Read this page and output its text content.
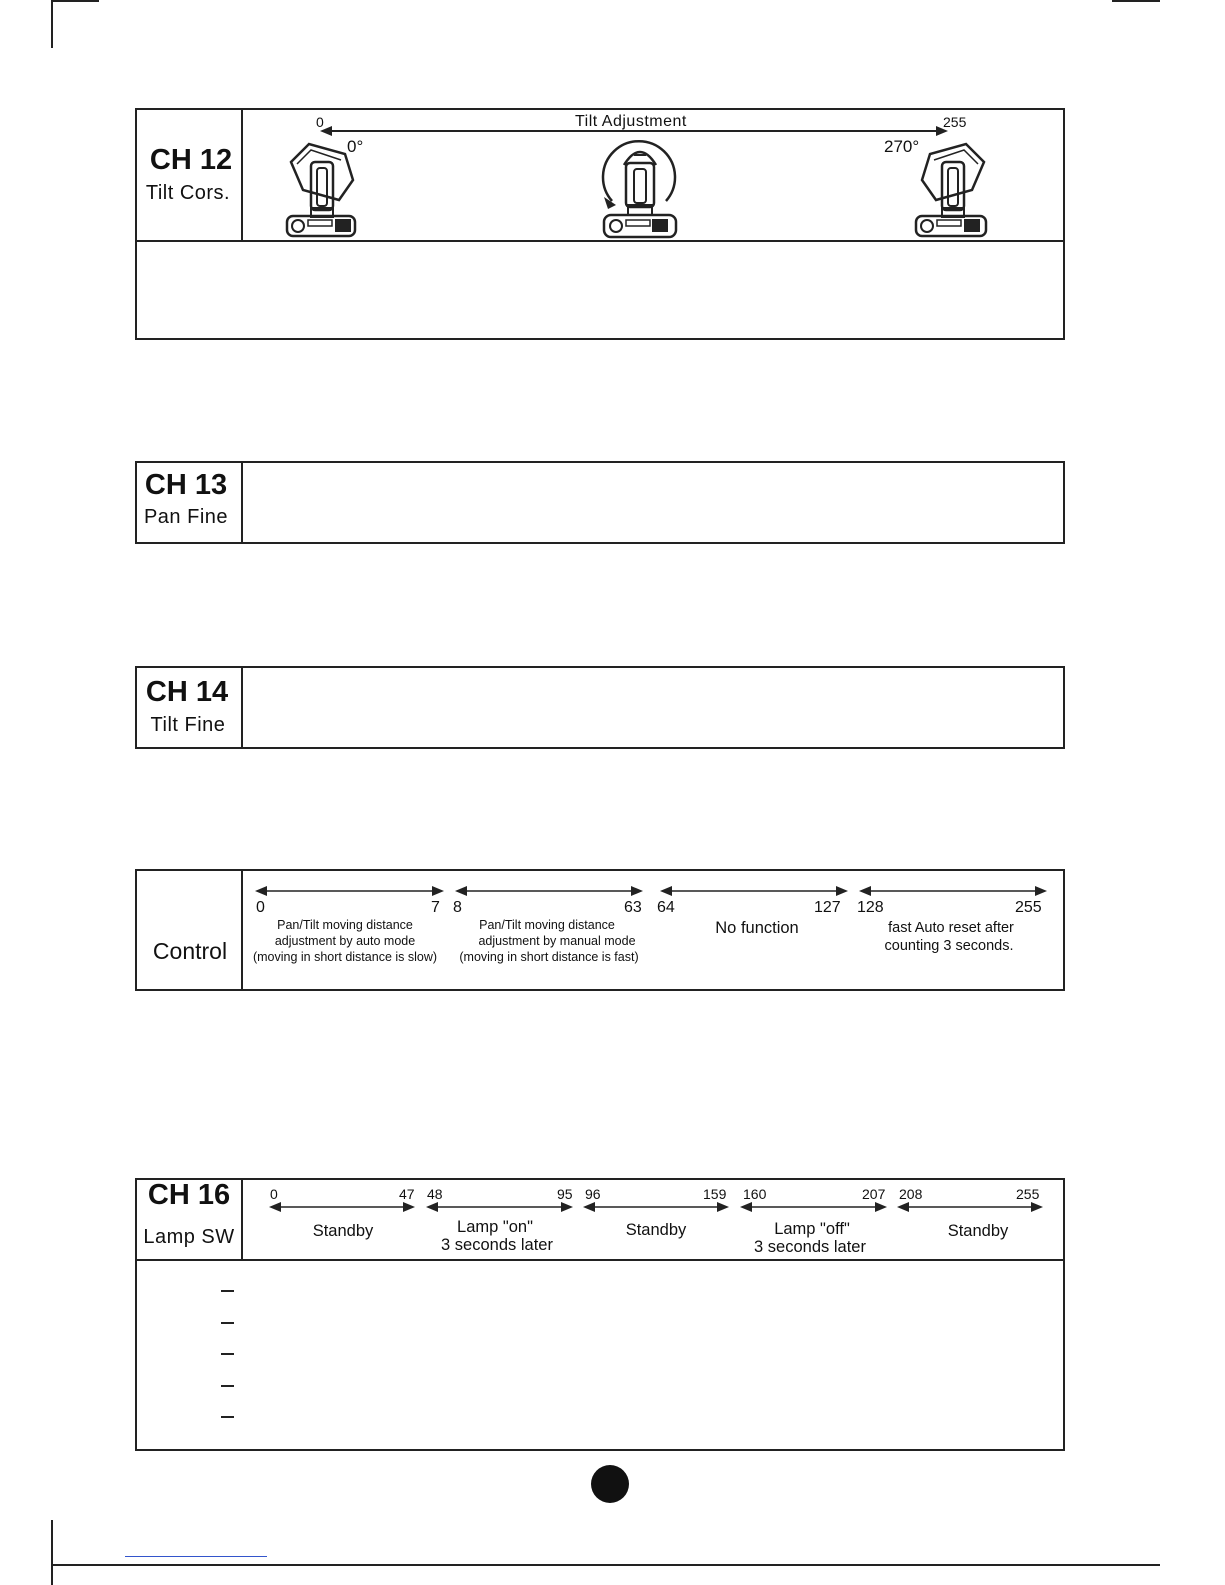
CH 12
Tilt Cors.
0	255
Tilt Adjustment
0°	270°
CH 13
Pan Fine
CH 14
Tilt Fine
Control
0	7
Pan/Tilt moving distance
adjustment by auto mode
(moving in short distance is slow)
8	63
Pan/Tilt moving distance
adjustment by manual mode
(moving in short distance is fast)
64	127
No function
128	255
fast Auto reset after
counting 3 seconds.
CH 16
Lamp SW
0	47
Standby
48	95
Lamp "on"
3 seconds later
96	159
Standby
160	207
Lamp "off"
3 seconds later
208	255
Standby
